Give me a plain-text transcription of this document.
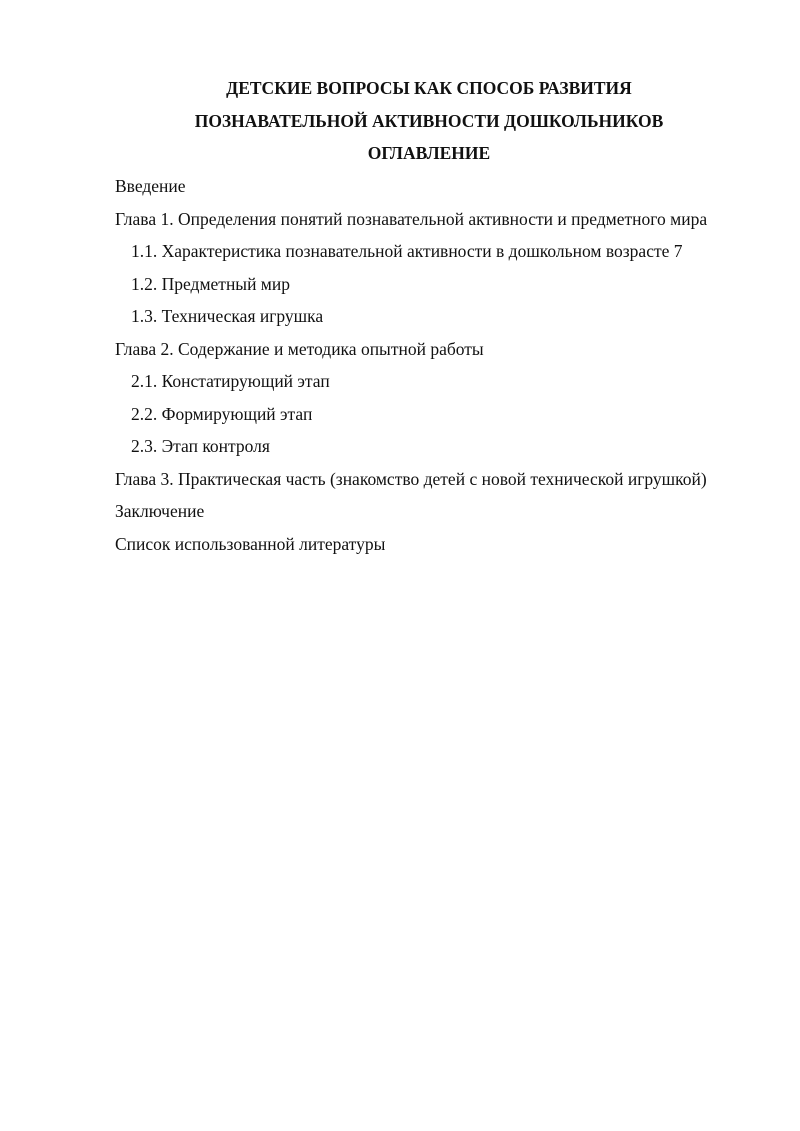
ДЕТСКИЕ ВОПРОСЫ КАК СПОСОБ РАЗВИТИЯ
ПОЗНАВАТЕЛЬНОЙ АКТИВНОСТИ ДОШКОЛЬНИКОВ
ОГЛАВЛЕНИЕ

Введение

Глава 1. Определения понятий познавательной активности и предметного мира

1.1. Характеристика познавательной активности в дошкольном возрасте 7

1.2. Предметный мир

1.3. Техническая игрушка

Глава 2. Содержание и методика опытной работы

2.1. Констатирующий этап

2.2. Формирующий этап

2.3. Этап контроля

Глава 3. Практическая часть (знакомство детей с новой технической игрушкой)

Заключение

Список использованной литературы
